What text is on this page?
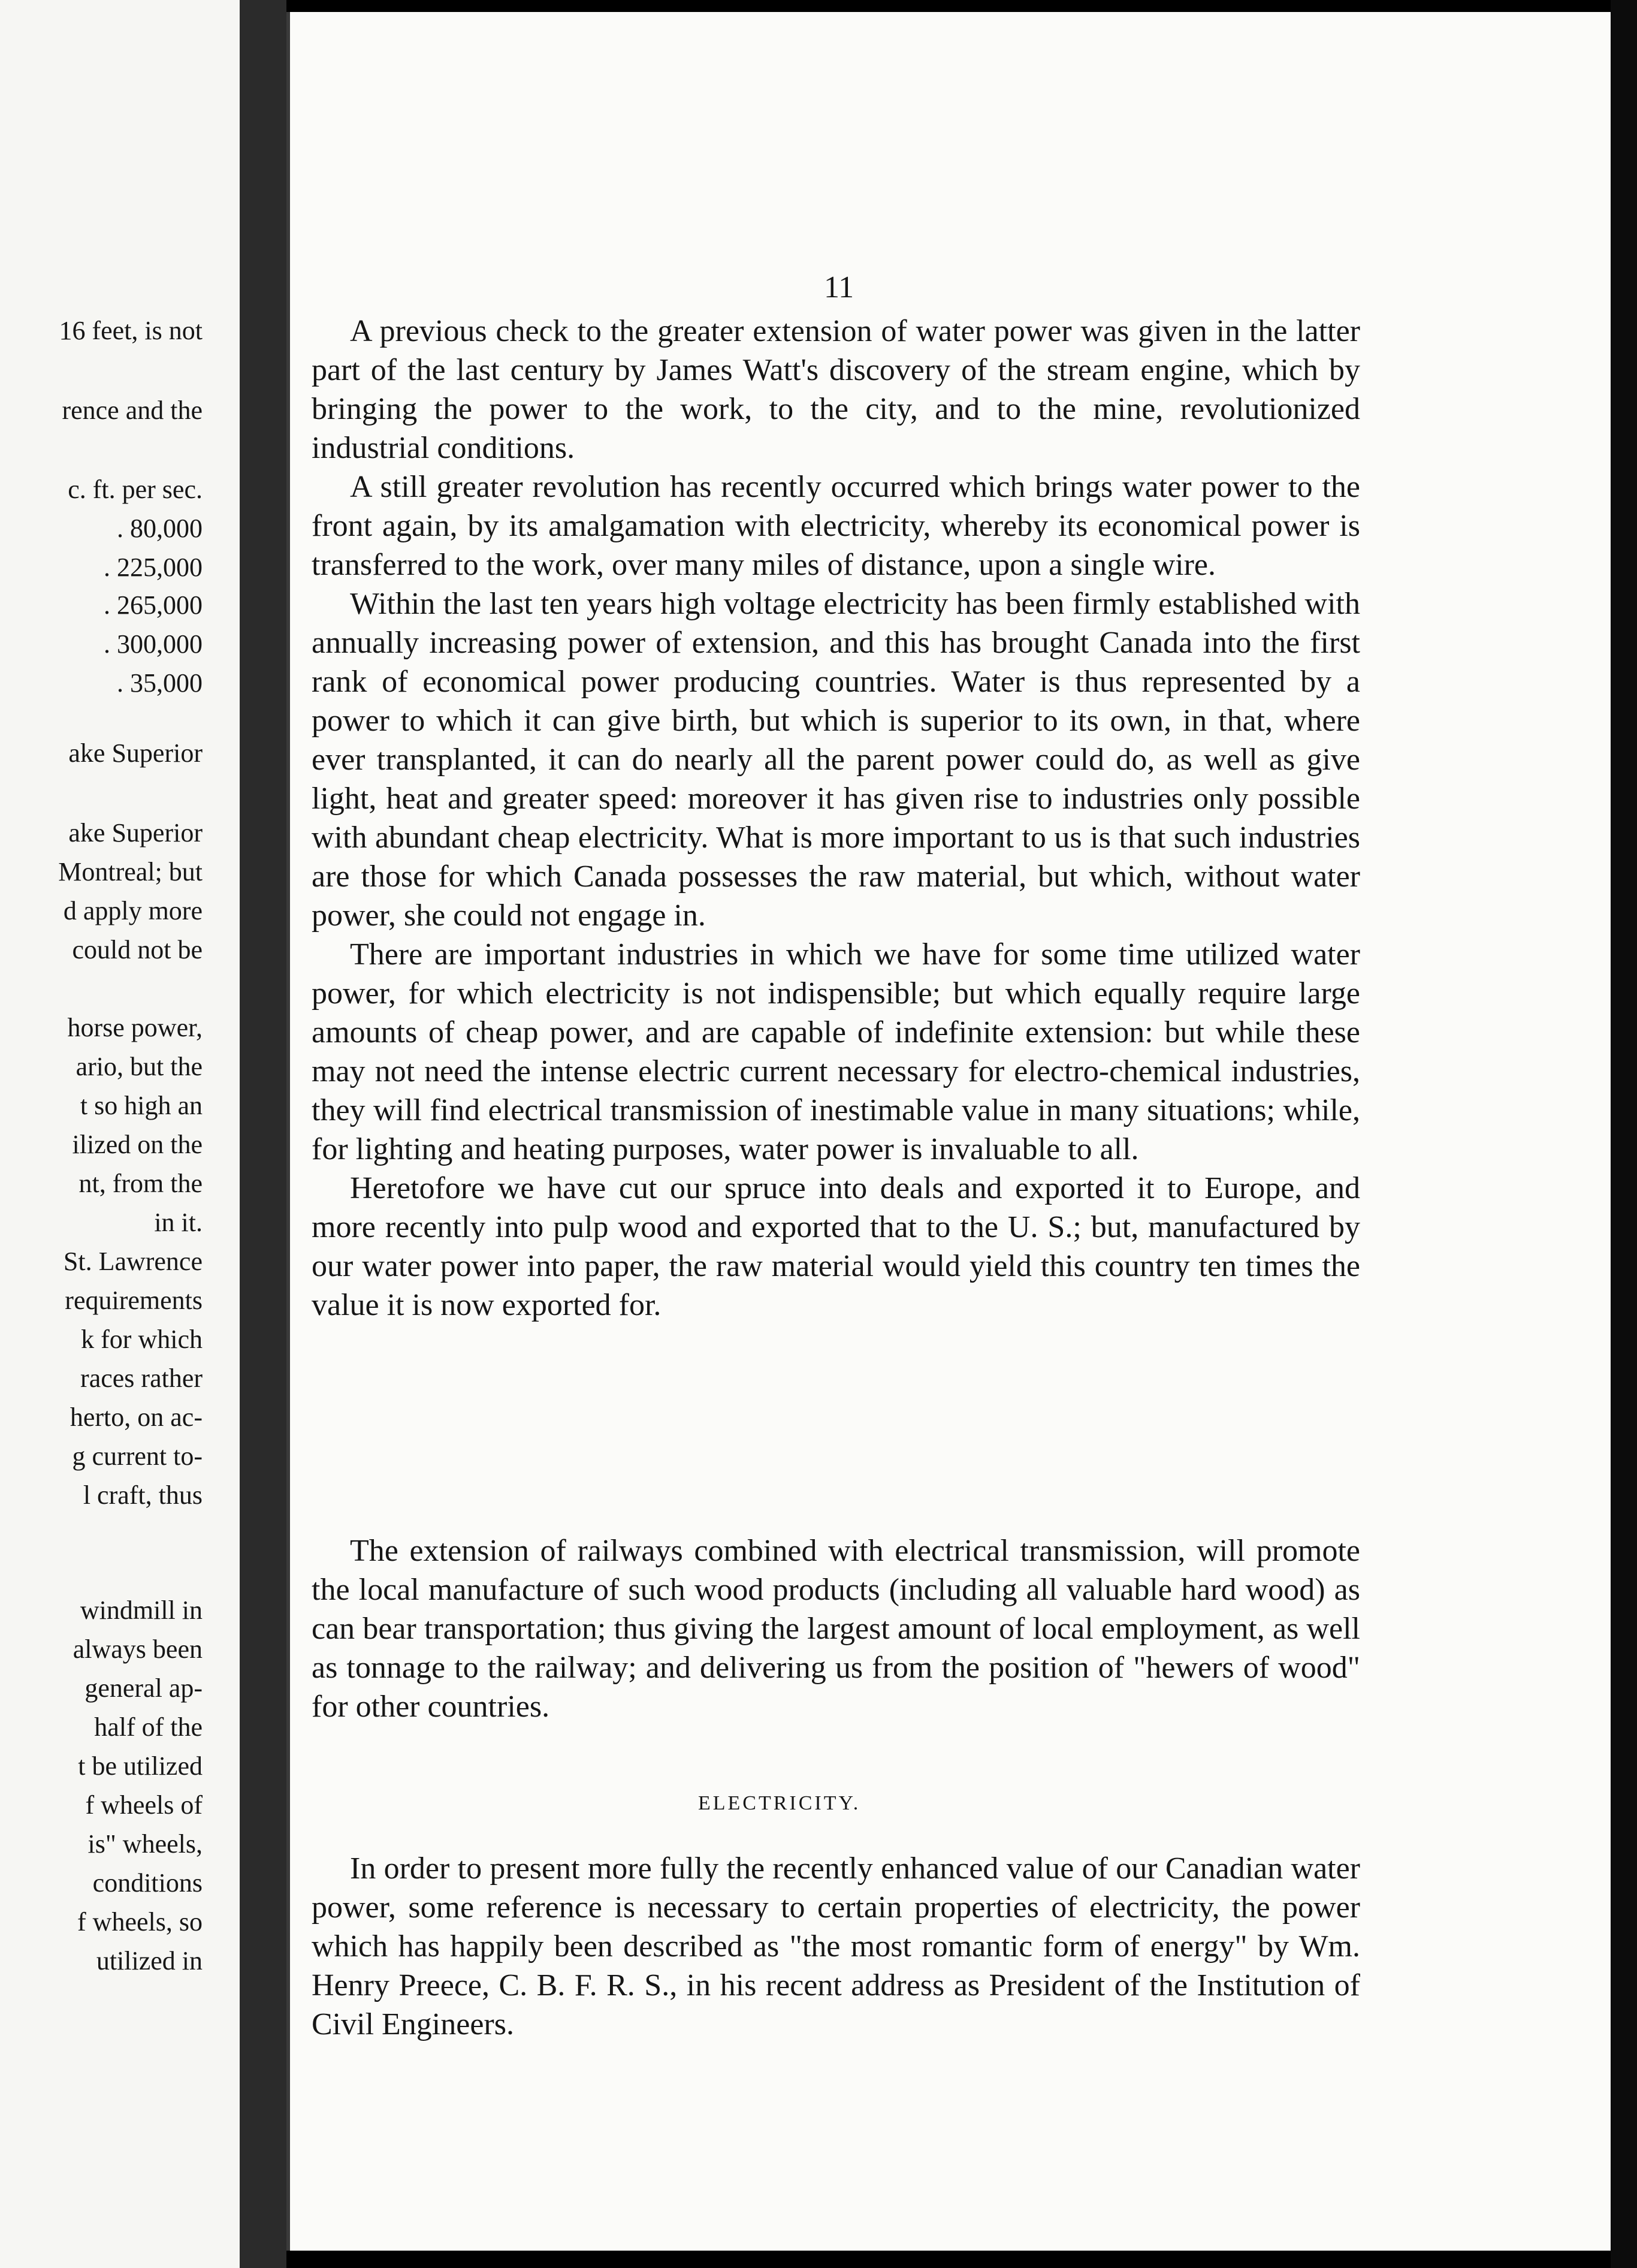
16 feet, is not
rence and the
c. ft. per sec.
. 80,000
. 225,000
. 265,000
. 300,000
. 35,000
ake Superior
ake Superior
Montreal; but
d apply more
could not be
horse power,
ario, but the
t so high an
ilized on the
nt, from the
in it.
St. Lawrence
requirements
k for which
races rather
herto, on ac-
g current to-
l craft, thus
windmill in
always been
general ap-
half of the
t be utilized
f wheels of
is" wheels,
conditions
f wheels, so
utilized in
11

A previous check to the greater extension of water power was given in the latter part of the last century by James Watt's discovery of the stream engine, which by bringing the power to the work, to the city, and to the mine, revolutionized industrial conditions.

A still greater revolution has recently occurred which brings water power to the front again, by its amalgamation with electricity, whereby its economical power is transferred to the work, over many miles of distance, upon a single wire.

Within the last ten years high voltage electricity has been firmly established with annually increasing power of extension, and this has brought Canada into the first rank of economical power producing countries. Water is thus represented by a power to which it can give birth, but which is superior to its own, in that, where ever transplanted, it can do nearly all the parent power could do, as well as give light, heat and greater speed: moreover it has given rise to industries only possible with abundant cheap electricity. What is more important to us is that such industries are those for which Canada possesses the raw material, but which, without water power, she could not engage in.

There are important industries in which we have for some time utilized water power, for which electricity is not indispensible; but which equally require large amounts of cheap power, and are capable of indefinite extension: but while these may not need the intense electric current necessary for electro-chemical industries, they will find electrical transmission of inestimable value in many situations; while, for lighting and heating purposes, water power is invaluable to all.

Heretofore we have cut our spruce into deals and exported it to Europe, and more recently into pulp wood and exported that to the U. S.; but, manufactured by our water power into paper, the raw material would yield this country ten times the value it is now exported for.

The extension of railways combined with electrical transmission, will promote the local manufacture of such wood products (including all valuable hard wood) as can bear transportation; thus giving the largest amount of local employment, as well as tonnage to the railway; and delivering us from the position of "hewers of wood" for other countries.

ELECTRICITY.

In order to present more fully the recently enhanced value of our Canadian water power, some reference is necessary to certain properties of electricity, the power which has happily been described as "the most romantic form of energy" by Wm. Henry Preece, C. B. F. R. S., in his recent address as President of the Institution of Civil Engineers.
